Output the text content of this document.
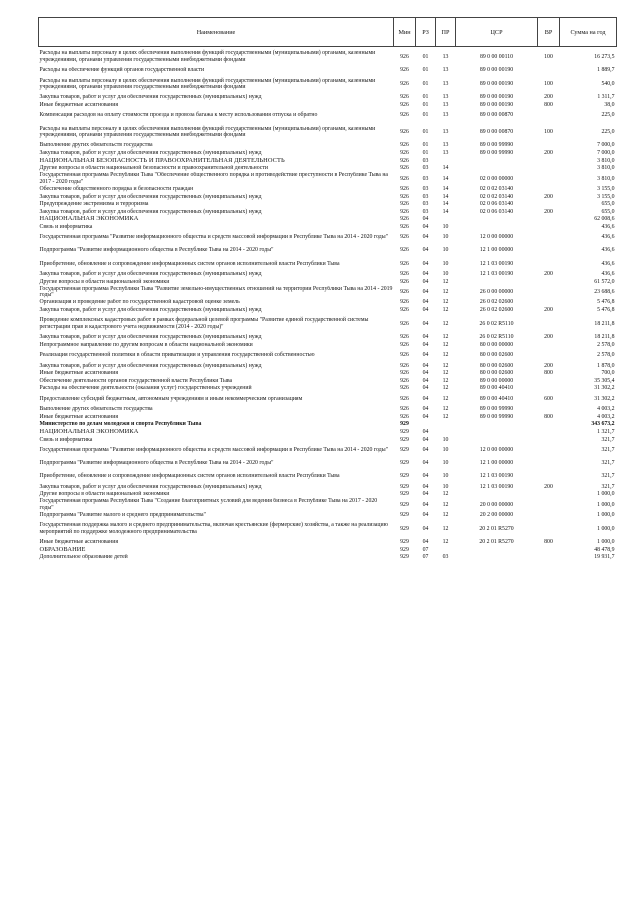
Наименование	Мин	РЗ	ПР	ЦСР	ВР	Сумма на год
Расходы на выплаты персоналу в целях обеспечения выполнения функций государственными (муниципальными) органами, казенными учреждениями, органами управления государственными внебюджетными фондами	926	01	13	89 0 00 00110	100	16 273,5
Расходы на обеспечение функций органов государственной власти	926	01	13	89 0 00 00190		1 889,7
Расходы на выплаты персоналу в целях обеспечения выполнения функций государственными (муниципальными) органами, казенными учреждениями, органами управления государственными внебюджетными фондами	926	01	13	89 0 00 00190	100	540,0
Закупка товаров, работ и услуг для обеспечения государственных (муниципальных) нужд	926	01	13	89 0 00 00190	200	1 311,7
Иные бюджетные ассигнования	926	01	13	89 0 00 00190	800	38,0
Компенсация расходов на оплату стоимости проезда и провоза багажа к месту использования отпуска и обратно	926	01	13	89 0 00 00870		225,0
Расходы на выплаты персоналу в целях обеспечения выполнения функций государственными (муниципальными) органами, казенными учреждениями, органами управления государственными внебюджетными фондами	926	01	13	89 0 00 00870	100	225,0
Выполнение других обязательств государства	926	01	13	89 0 00 99990		7 000,0
Закупка товаров, работ и услуг для обеспечения государственных (муниципальных) нужд	926	01	13	89 0 00 99990	200	7 000,0
НАЦИОНАЛЬНАЯ БЕЗОПАСНОСТЬ И ПРАВООХРАНИТЕЛЬНАЯ ДЕЯТЕЛЬНОСТЬ	926	03				3 810,0
Другие вопросы в области национальной безопасности и правоохранительной деятельности	926	03	14			3 810,0
Государственная программа Республики Тыва "Обеспечение общественного порядка и противодействие преступности в Республике Тыва на 2017 - 2020 годы"	926	03	14	02 0 00 00000		3 810,0
Обеспечение общественного порядка и безопасности граждан	926	03	14	02 0 02 03140		3 155,0
Закупка товаров, работ и услуг для обеспечения государственных (муниципальных) нужд	926	03	14	02 0 02 03140	200	3 155,0
Предупреждение экстремизма и терроризма	926	03	14	02 0 06 03140		655,0
Закупка товаров, работ и услуг для обеспечения государственных (муниципальных) нужд	926	03	14	02 0 06 03140	200	655,0
НАЦИОНАЛЬНАЯ ЭКОНОМИКА	926	04				62 008,6
Связь и информатика	926	04	10			436,6
Государственная программа "Развитие информационного общества и средств массовой информации в Республике Тыва на 2014 - 2020 годы"	926	04	10	12 0 00 00000		436,6
Подпрограмма "Развитие информационного общества в Республике Тыва на 2014 - 2020 годы"	926	04	10	12 1 00 00000		436,6
Приобретение, обновление и сопровождение информационных систем органов исполнительной власти Республики Тыва	926	04	10	12 1 03 00190		436,6
Закупка товаров, работ и услуг для обеспечения государственных (муниципальных) нужд	926	04	10	12 1 03 00190	200	436,6
Другие вопросы в области национальной экономики	926	04	12			61 572,0
Государственная программа Республики Тыва "Развитие земельно-имущественных отношений на территории Республики Тыва на 2014 - 2019 годы"	926	04	12	26 0 00 00000		23 688,6
Организация и проведение работ по государственной кадастровой оценке земель	926	04	12	26 0 02 02600		5 476,8
Закупка товаров, работ и услуг для обеспечения государственных (муниципальных) нужд	926	04	12	26 0 02 02600	200	5 476,8
Проведение комплексных кадастровых работ в рамках федеральной целевой программы "Развитие единой государственной системы регистрации прав и кадастрового учета недвижимости (2014 - 2020 годы)"	926	04	12	26 0 02 R5110		18 211,8
Закупка товаров, работ и услуг для обеспечения государственных (муниципальных) нужд	926	04	12	26 0 02 R5110	200	18 211,8
Непрограммное направление по другим вопросам в области национальной экономики	926	04	12	80 0 00 00000		2 578,0
Реализация государственной политики в области приватизации и управления государственной собственностью	926	04	12	80 0 00 02600		2 578,0
Закупка товаров, работ и услуг для обеспечения государственных (муниципальных) нужд	926	04	12	80 0 00 02600	200	1 878,0
Иные бюджетные ассигнования	926	04	12	80 0 00 02600	800	700,0
Обеспечение деятельности органов государственной власти Республики Тыва	926	04	12	89 0 00 00000		35 305,4
Расходы на обеспечение деятельности (оказания услуг) государственных учреждений	926	04	12	89 0 00 40410		31 302,2
Предоставление субсидий бюджетным, автономным учреждениям и иным некоммерческим организациям	926	04	12	89 0 00 40410	600	31 302,2
Выполнение других обязательств государства	926	04	12	89 0 00 99990		4 003,2
Иные бюджетные ассигнования	926	04	12	89 0 00 99990	800	4 003,2
Министерство по делам молодежи и спорта Республики Тыва	929					343 673,2
НАЦИОНАЛЬНАЯ ЭКОНОМИКА	929	04				1 321,7
Связь и информатика	929	04	10			321,7
Государственная программа "Развитие информационного общества и средств массовой информации в Республике Тыва на 2014 - 2020 годы"	929	04	10	12 0 00 00000		321,7
Подпрограмма "Развитие информационного общества в Республике Тыва на 2014 - 2020 годы"	929	04	10	12 1 00 00000		321,7
Приобретение, обновление и сопровождение информационных систем органов исполнительной власти Республики Тыва	929	04	10	12 1 03 00190		321,7
Закупка товаров, работ и услуг для обеспечения государственных (муниципальных) нужд	929	04	10	12 1 03 00190	200	321,7
Другие вопросы в области национальной экономики	929	04	12			1 000,0
Государственная программа Республики Тыва "Создание благоприятных условий для ведения бизнеса в Республике Тыва на 2017 - 2020 годы"	929	04	12	20 0 00 00000		1 000,0
Подпрограмма "Развитие малого и среднего предпринимательства"	929	04	12	20 2 00 00000		1 000,0
Государственная поддержка малого и среднего предпринимательства, включая крестьянские (фермерские) хозяйства, а также на реализацию мероприятий по поддержке молодежного предпринимательства	929	04	12	20 2 01 R5270		1 000,0
Иные бюджетные ассигнования	929	04	12	20 2 01 R5270	800	1 000,0
ОБРАЗОВАНИЕ	929	07				48 478,9
Дополнительное образование детей	929	07	03			19 931,7
